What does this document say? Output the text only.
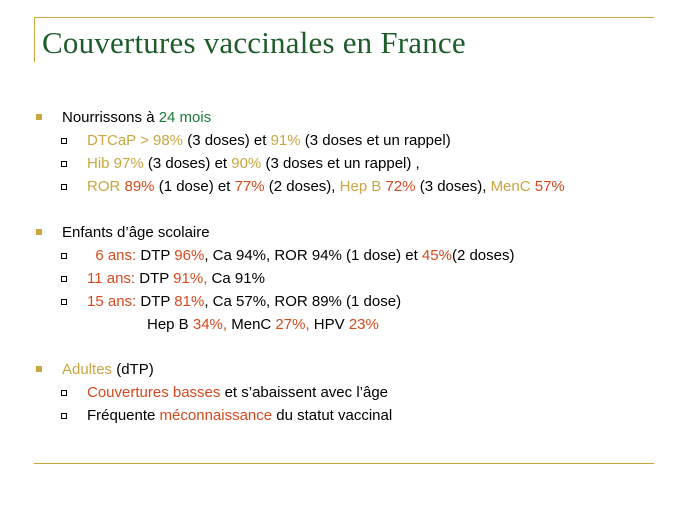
Couvertures vaccinales en France
Nourrissons à 24 mois
DTCaP > 98% (3 doses) et 91% (3 doses et un rappel)
Hib 97% (3 doses) et 90% (3 doses et un rappel) ,
ROR 89% (1 dose) et 77% (2 doses), Hep B 72% (3 doses), MenC 57%
Enfants d’âge scolaire
6 ans: DTP 96%, Ca 94%, ROR 94% (1 dose) et 45%(2 doses)
11 ans: DTP 91%, Ca 91%
15 ans: DTP 81%, Ca 57%, ROR 89% (1 dose)
Hep B 34%, MenC 27%, HPV 23%
Adultes (dTP)
Couvertures basses et s’abaissent avec l’âge
Fréquente méconnaissance du statut vaccinal
